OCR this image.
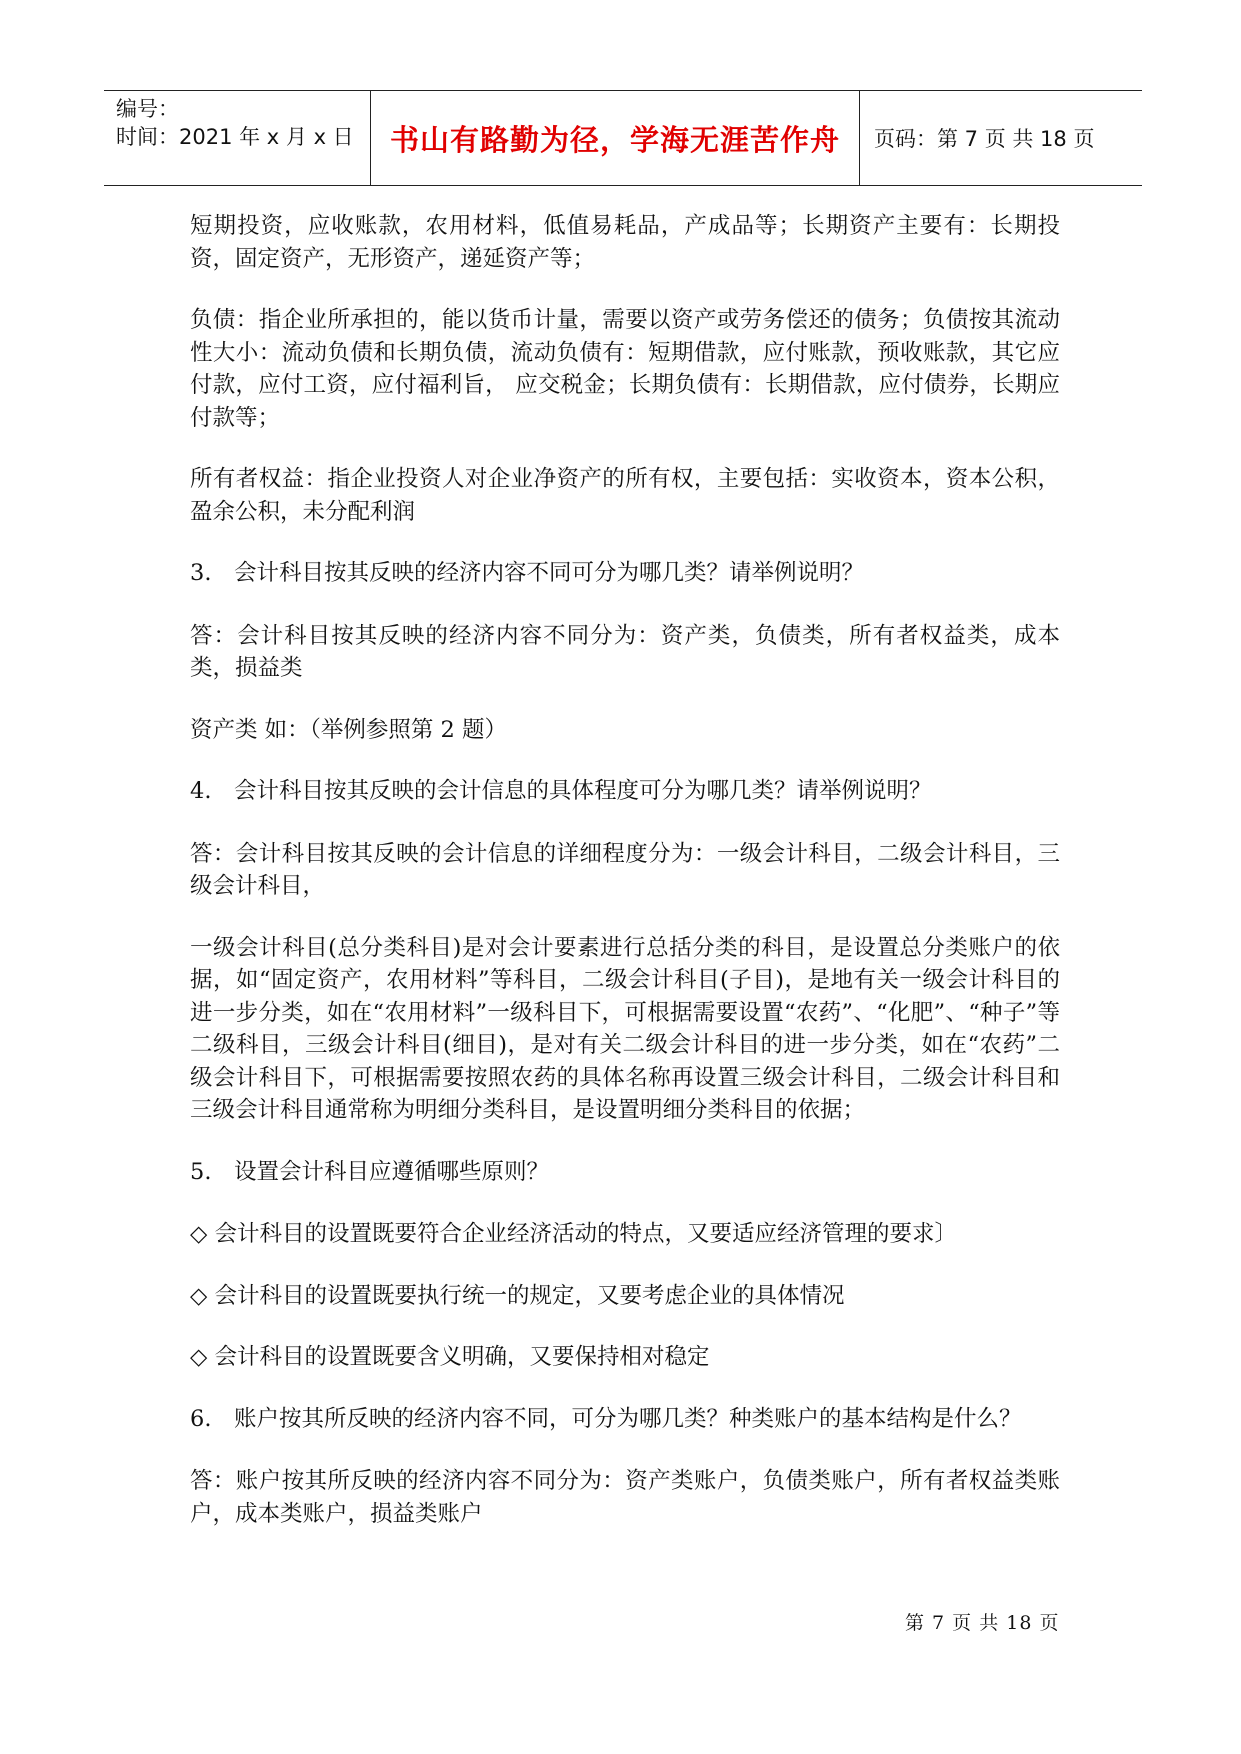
编号：
时间：2021 年 x 月 x 日	书山有路勤为径，学海无涯苦作舟	页码：第 7 页 共 18 页

短期投资，应收账款，农用材料，低值易耗品，产成品等；长期资产主要有：长期投资，固定资产，无形资产，递延资产等；

负债：指企业所承担的，能以货币计量，需要以资产或劳务偿还的债务；负债按其流动性大小：流动负债和长期负债，流动负债有：短期借款，应付账款，预收账款，其它应付款，应付工资，应付福利旨， 应交税金；长期负债有：长期借款，应付债券，长期应付款等；

所有者权益：指企业投资人对企业净资产的所有权，主要包括：实收资本，资本公积，盈余公积，未分配利润

3.　会计科目按其反映的经济内容不同可分为哪几类？请举例说明？

答：会计科目按其反映的经济内容不同分为：资产类，负债类，所有者权益类，成本类，损益类

资产类 如：（举例参照第 2 题）

4.　会计科目按其反映的会计信息的具体程度可分为哪几类？请举例说明？

答：会计科目按其反映的会计信息的详细程度分为：一级会计科目，二级会计科目，三级会计科目，

一级会计科目(总分类科目)是对会计要素进行总括分类的科目，是设置总分类账户的依据，如“固定资产，农用材料”等科目，二级会计科目(子目)，是地有关一级会计科目的进一步分类，如在“农用材料”一级科目下，可根据需要设置“农药”、“化肥”、“种子”等二级科目，三级会计科目(细目)，是对有关二级会计科目的进一步分类，如在“农药”二级会计科目下，可根据需要按照农药的具体名称再设置三级会计科目，二级会计科目和三级会计科目通常称为明细分类科目，是设置明细分类科目的依据；

5.　设置会计科目应遵循哪些原则？

◇ 会计科目的设置既要符合企业经济活动的特点，又要适应经济管理的要求〕

◇ 会计科目的设置既要执行统一的规定，又要考虑企业的具体情况

◇ 会计科目的设置既要含义明确，又要保持相对稳定

6.　账户按其所反映的经济内容不同，可分为哪几类？种类账户的基本结构是什么？

答：账户按其所反映的经济内容不同分为：资产类账户，负债类账户，所有者权益类账户，成本类账户，损益类账户

第 7 页 共 18 页
